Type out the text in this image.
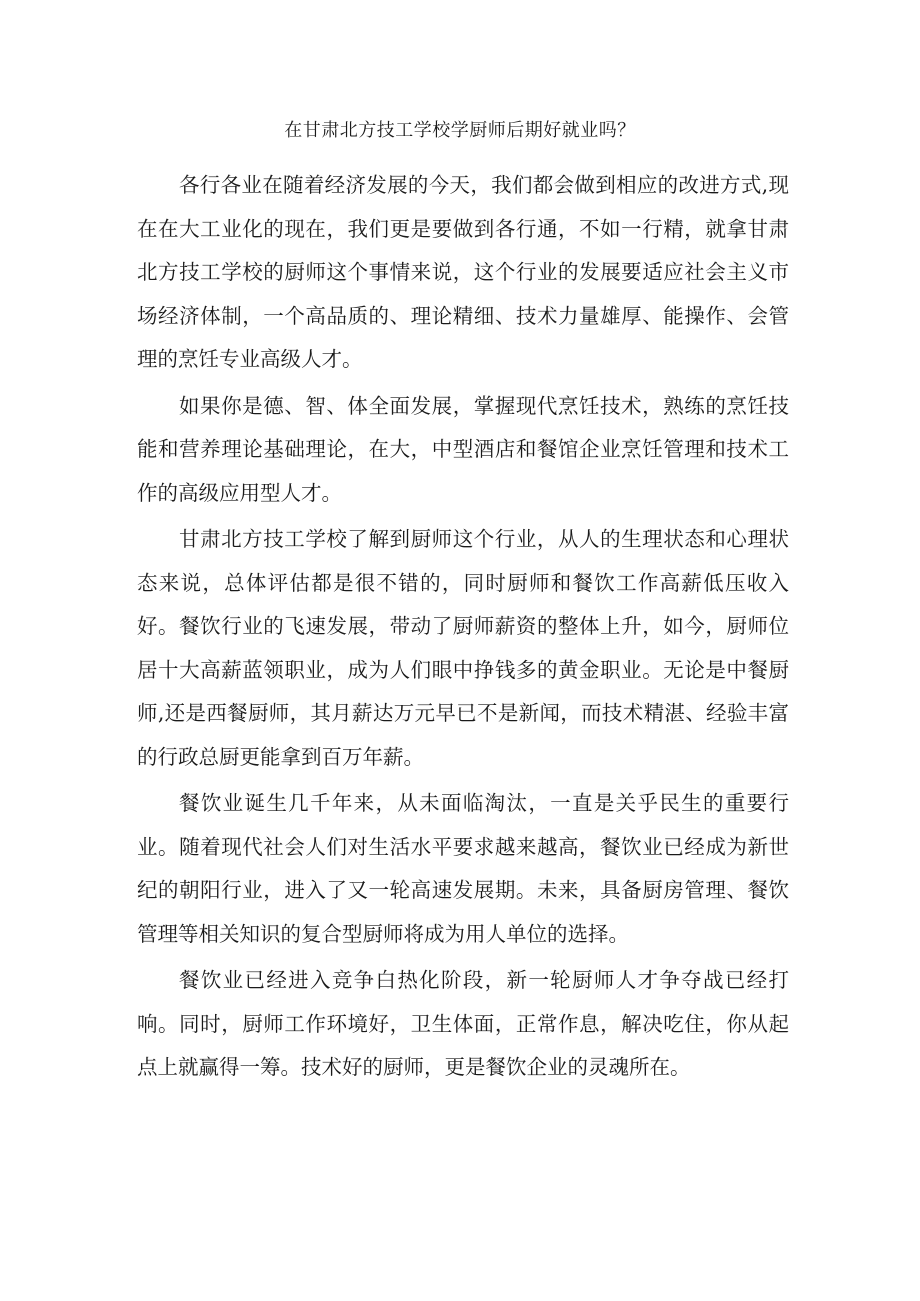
在甘肃北方技工学校学厨师后期好就业吗？

各行各业在随着经济发展的今天，我们都会做到相应的改进方式,现在在大工业化的现在，我们更是要做到各行通，不如一行精，就拿甘肃北方技工学校的厨师这个事情来说，这个行业的发展要适应社会主义市场经济体制，一个高品质的、理论精细、技术力量雄厚、能操作、会管理的烹饪专业高级人才。

如果你是德、智、体全面发展，掌握现代烹饪技术，熟练的烹饪技能和营养理论基础理论，在大，中型酒店和餐馆企业烹饪管理和技术工作的高级应用型人才。

甘肃北方技工学校了解到厨师这个行业，从人的生理状态和心理状态来说，总体评估都是很不错的，同时厨师和餐饮工作高薪低压收入好。餐饮行业的飞速发展，带动了厨师薪资的整体上升，如今，厨师位居十大高薪蓝领职业，成为人们眼中挣钱多的黄金职业。无论是中餐厨师,还是西餐厨师，其月薪达万元早已不是新闻，而技术精湛、经验丰富的行政总厨更能拿到百万年薪。

餐饮业诞生几千年来，从未面临淘汰，一直是关乎民生的重要行业。随着现代社会人们对生活水平要求越来越高，餐饮业已经成为新世纪的朝阳行业，进入了又一轮高速发展期。未来，具备厨房管理、餐饮管理等相关知识的复合型厨师将成为用人单位的选择。

餐饮业已经进入竞争白热化阶段，新一轮厨师人才争夺战已经打响。同时，厨师工作环境好，卫生体面，正常作息，解决吃住，你从起点上就赢得一筹。技术好的厨师，更是餐饮企业的灵魂所在。
